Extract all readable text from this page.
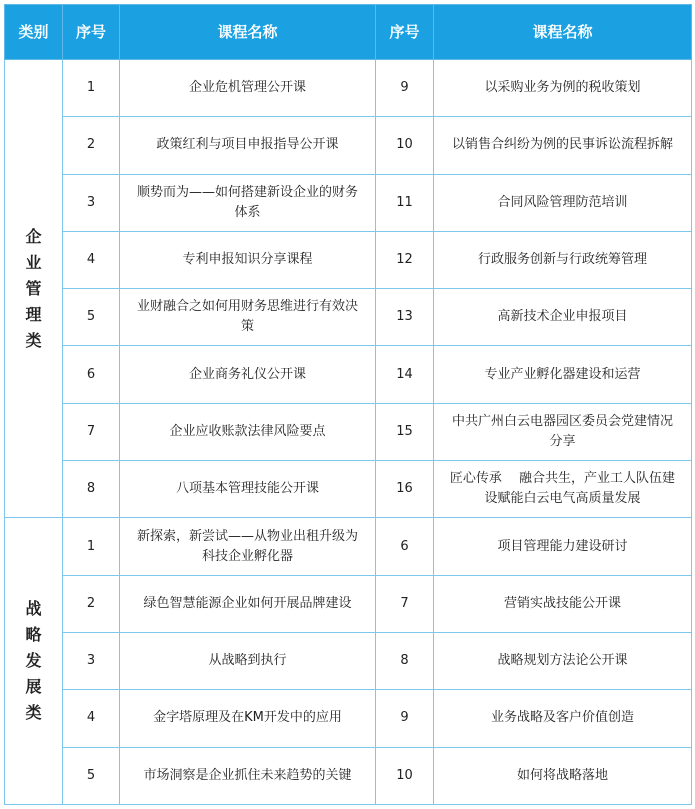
类别	序号	课程名称	序号	课程名称

企业管理类	1	企业危机管理公开课	9	以采购业务为例的税收策划
	2	政策红利与项目申报指导公开课	10	以销售合纠纷为例的民事诉讼流程拆解
	3	顺势而为——如何搭建新设企业的财务体系	11	合同风险管理防范培训
	4	专利申报知识分享课程	12	行政服务创新与行政统筹管理
	5	业财融合之如何用财务思维进行有效决策	13	高新技术企业申报项目
	6	企业商务礼仪公开课	14	专业产业孵化器建设和运营
	7	企业应收账款法律风险要点	15	中共广州白云电器园区委员会党建情况分享
	8	八项基本管理技能公开课	16	匠心传承　 融合共生，产业工人队伍建设赋能白云电气高质量发展

战略发展类	1	新探索，新尝试——从物业出租升级为科技企业孵化器	6	项目管理能力建设研讨
	2	绿色智慧能源企业如何开展品牌建设	7	营销实战技能公开课
	3	从战略到执行	8	战略规划方法论公开课
	4	金字塔原理及在KM开发中的应用	9	业务战略及客户价值创造
	5	市场洞察是企业抓住未来趋势的关键	10	如何将战略落地
